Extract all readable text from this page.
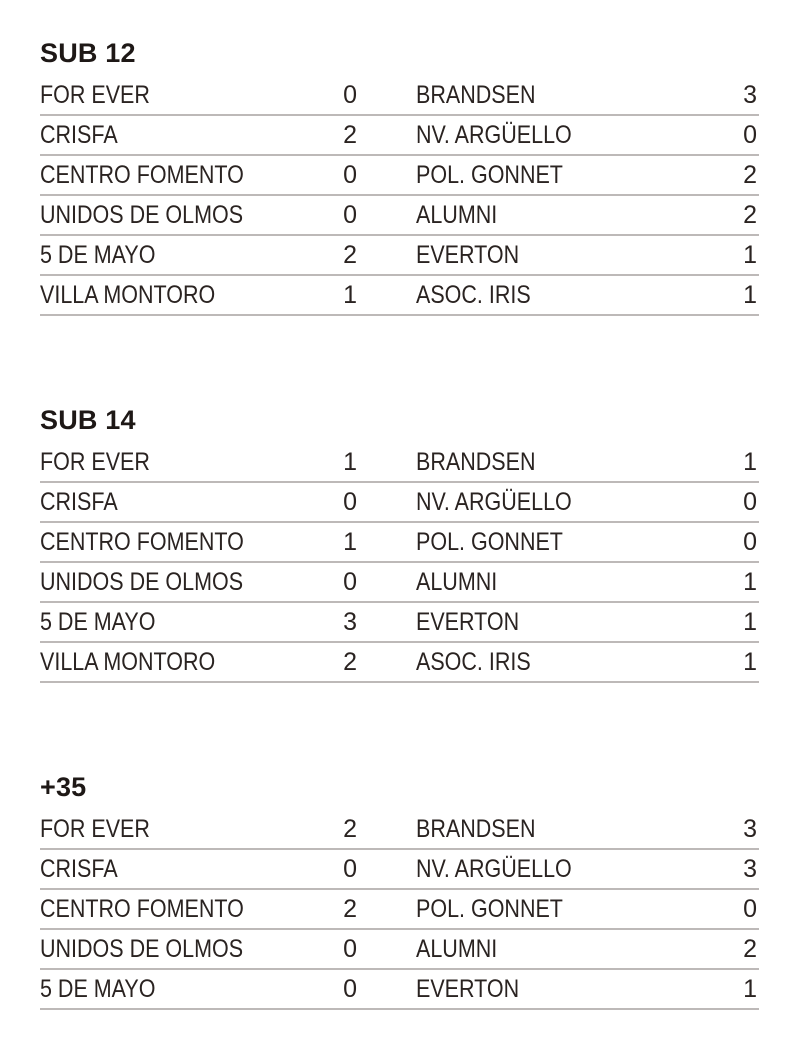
SUB 12
FOR EVER	0 BRANDSEN	3
CRISFA	2 NV. ARGÜELLO	0
CENTRO FOMENTO	0 POL. GONNET	2
UNIDOS DE OLMOS	0 ALUMNI	2
5 DE MAYO	2 EVERTON	1
VILLA MONTORO	1 ASOC. IRIS	1
SUB 14
FOR EVER	1 BRANDSEN	1
CRISFA	0 NV. ARGÜELLO	0
CENTRO FOMENTO	1 POL. GONNET	0
UNIDOS DE OLMOS	0 ALUMNI	1
5 DE MAYO	3 EVERTON	1
VILLA MONTORO	2 ASOC. IRIS	1
+35
FOR EVER	2 BRANDSEN	3
CRISFA	0 NV. ARGÜELLO	3
CENTRO FOMENTO	2 POL. GONNET	0
UNIDOS DE OLMOS	0 ALUMNI	2
5 DE MAYO	0 EVERTON	1
